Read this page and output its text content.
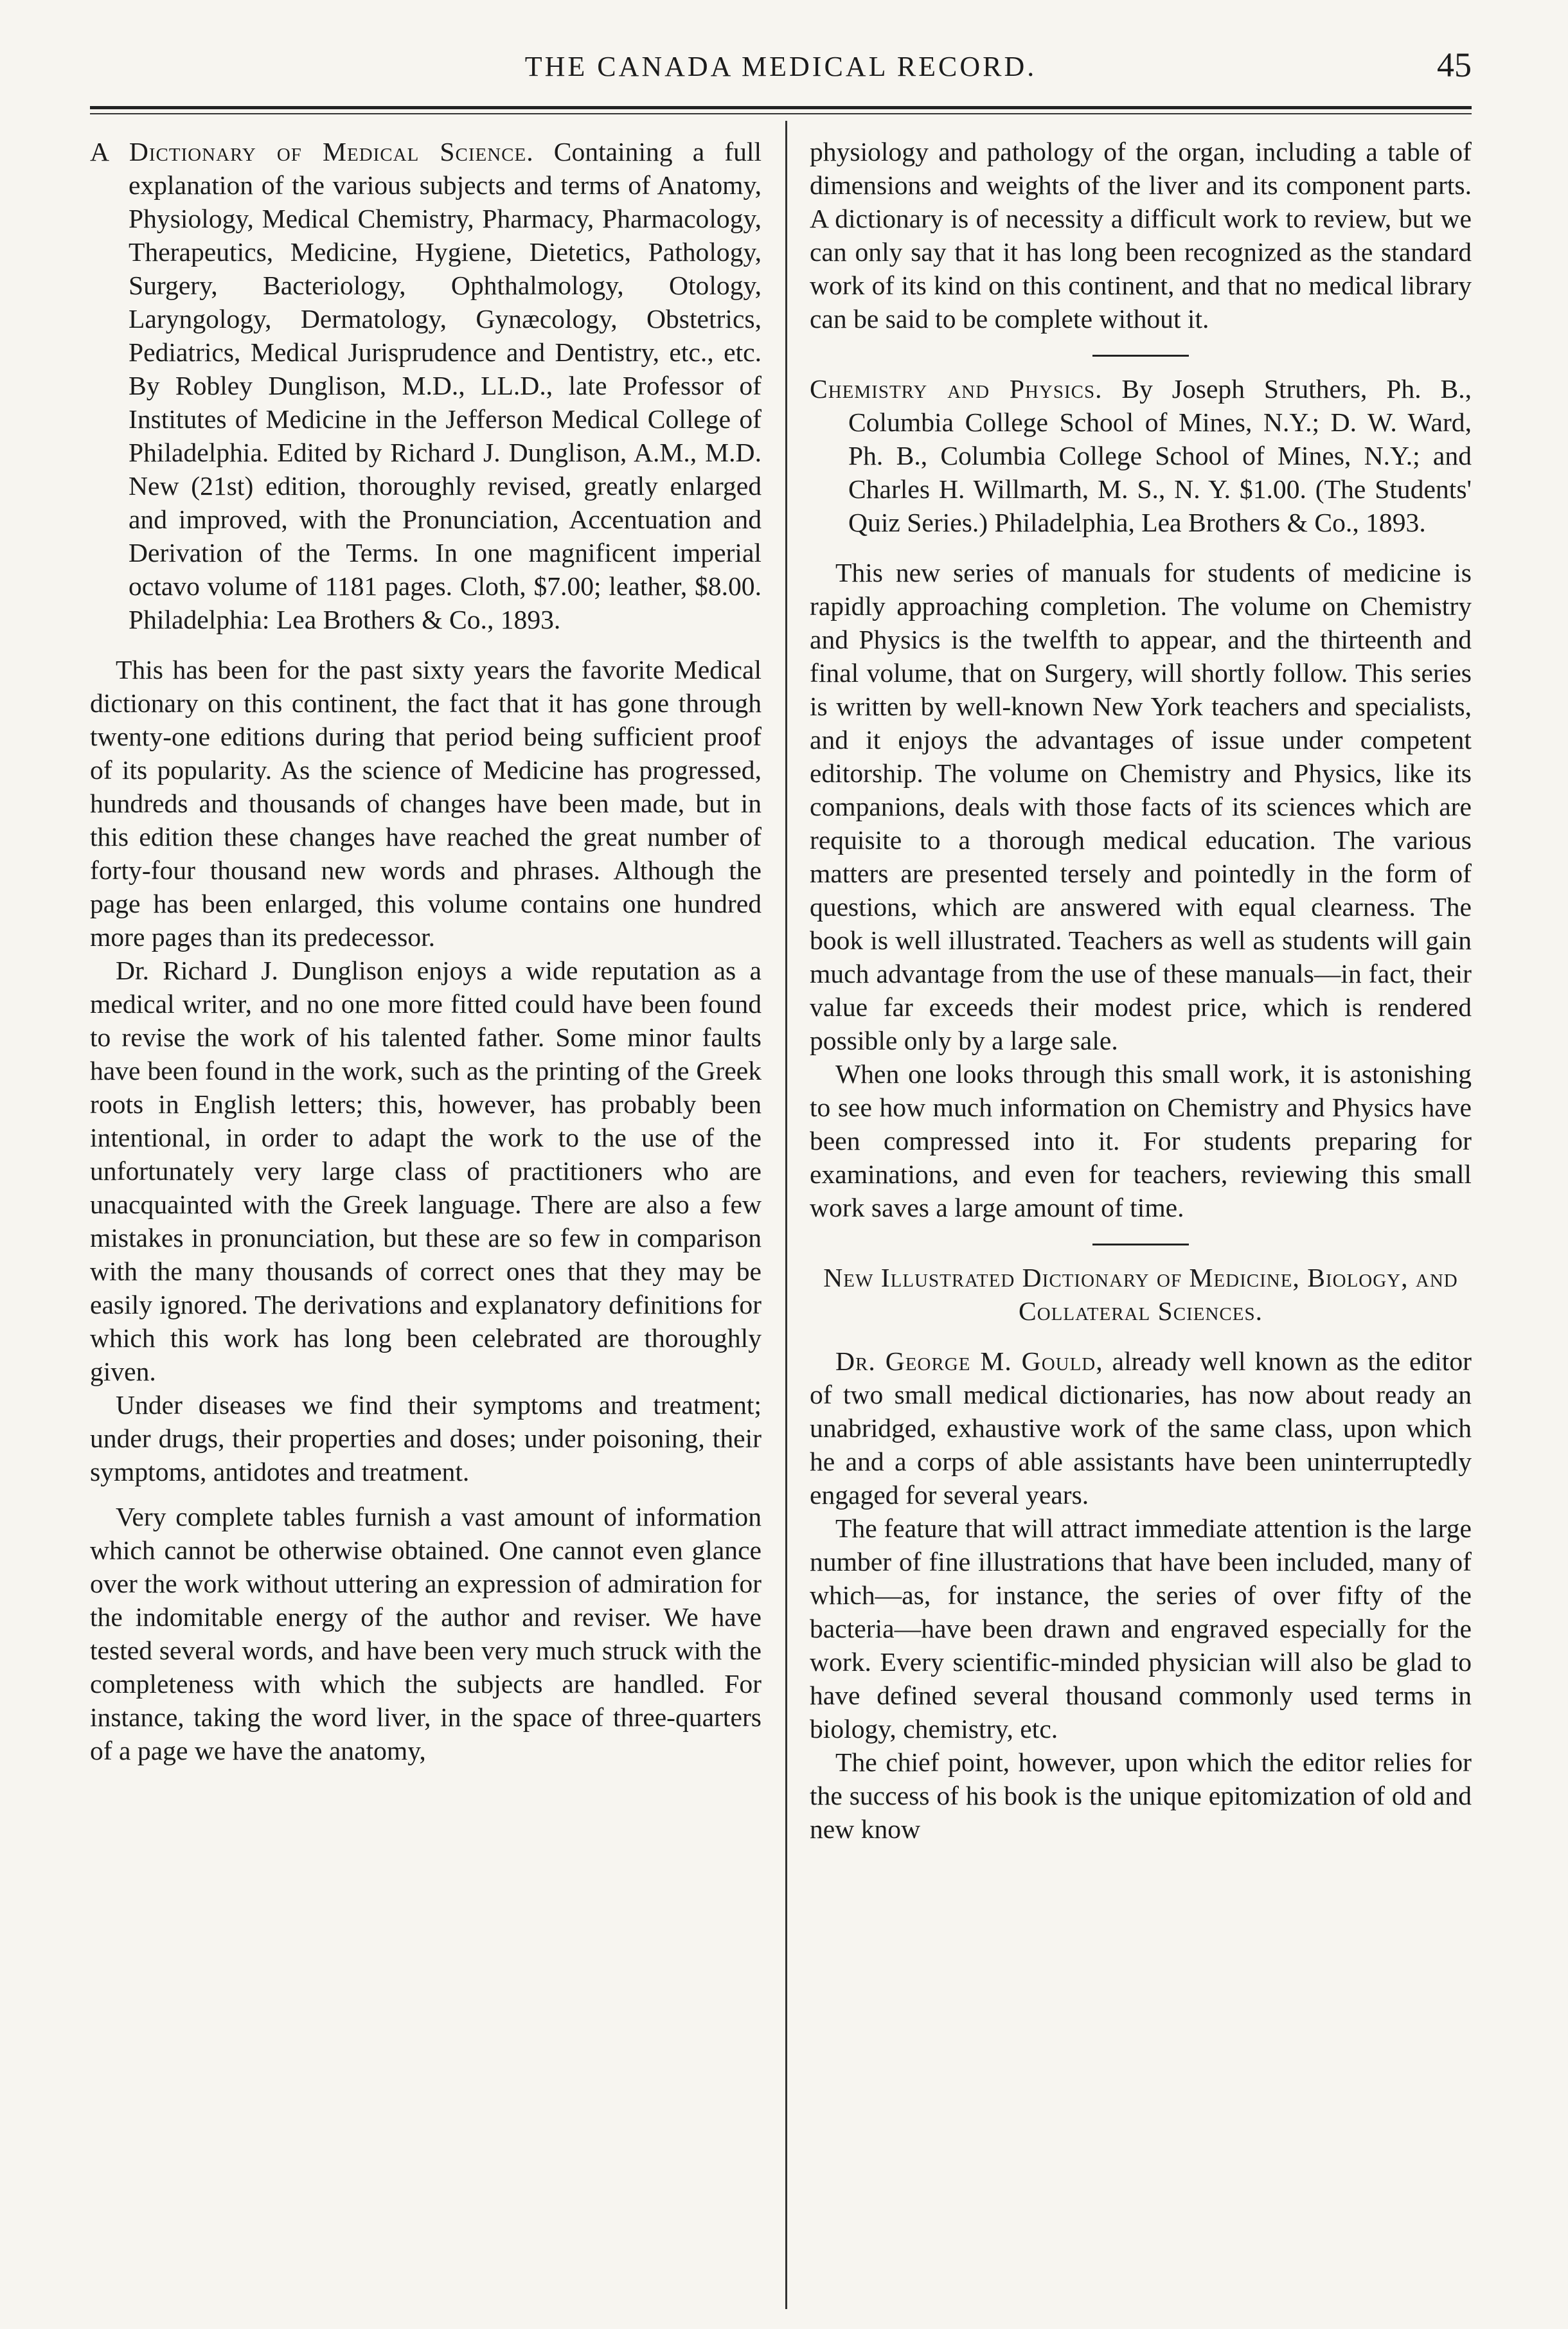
THE CANADA MEDICAL RECORD.	45

A Dictionary of Medical Science. Containing a full explanation of the various subjects and terms of Anatomy, Physiology, Medical Chemistry, Pharmacy, Pharmacology, Therapeutics, Medicine, Hygiene, Dietetics, Pathology, Surgery, Bacteriology, Ophthalmology, Otology, Laryngology, Dermatology, Gynæcology, Obstetrics, Pediatrics, Medical Jurisprudence and Dentistry, etc., etc. By Robley Dunglison, M.D., LL.D., late Professor of Institutes of Medicine in the Jefferson Medical College of Philadelphia. Edited by Richard J. Dunglison, A.M., M.D. New (21st) edition, thoroughly revised, greatly enlarged and improved, with the Pronunciation, Accentuation and Derivation of the Terms. In one magnificent imperial octavo volume of 1181 pages. Cloth, $7.00; leather, $8.00. Philadelphia: Lea Brothers & Co., 1893.

This has been for the past sixty years the favorite Medical dictionary on this continent, the fact that it has gone through twenty-one editions during that period being sufficient proof of its popularity. As the science of Medicine has progressed, hundreds and thousands of changes have been made, but in this edition these changes have reached the great number of forty-four thousand new words and phrases. Although the page has been enlarged, this volume contains one hundred more pages than its predecessor.

Dr. Richard J. Dunglison enjoys a wide reputation as a medical writer, and no one more fitted could have been found to revise the work of his talented father. Some minor faults have been found in the work, such as the printing of the Greek roots in English letters; this, however, has probably been intentional, in order to adapt the work to the use of the unfortunately very large class of practitioners who are unacquainted with the Greek language. There are also a few mistakes in pronunciation, but these are so few in comparison with the many thousands of correct ones that they may be easily ignored. The derivations and explanatory definitions for which this work has long been celebrated are thoroughly given.

Under diseases we find their symptoms and treatment; under drugs, their properties and doses; under poisoning, their symptoms, antidotes and treatment.

Very complete tables furnish a vast amount of information which cannot be otherwise obtained. One cannot even glance over the work without uttering an expression of admiration for the indomitable energy of the author and reviser. We have tested several words, and have been very much struck with the completeness with which the subjects are handled. For instance, taking the word liver, in the space of three-quarters of a page we have the anatomy,

physiology and pathology of the organ, including a table of dimensions and weights of the liver and its component parts. A dictionary is of necessity a difficult work to review, but we can only say that it has long been recognized as the standard work of its kind on this continent, and that no medical library can be said to be complete without it.

Chemistry and Physics. By Joseph Struthers, Ph. B., Columbia College School of Mines, N.Y.; D. W. Ward, Ph. B., Columbia College School of Mines, N.Y.; and Charles H. Willmarth, M. S., N. Y. $1.00. (The Students' Quiz Series.) Philadelphia, Lea Brothers & Co., 1893.

This new series of manuals for students of medicine is rapidly approaching completion. The volume on Chemistry and Physics is the twelfth to appear, and the thirteenth and final volume, that on Surgery, will shortly follow. This series is written by well-known New York teachers and specialists, and it enjoys the advantages of issue under competent editorship. The volume on Chemistry and Physics, like its companions, deals with those facts of its sciences which are requisite to a thorough medical education. The various matters are presented tersely and pointedly in the form of questions, which are answered with equal clearness. The book is well illustrated. Teachers as well as students will gain much advantage from the use of these manuals—in fact, their value far exceeds their modest price, which is rendered possible only by a large sale.

When one looks through this small work, it is astonishing to see how much information on Chemistry and Physics have been compressed into it. For students preparing for examinations, and even for teachers, reviewing this small work saves a large amount of time.

New Illustrated Dictionary of Medicine, Biology, and Collateral Sciences.

Dr. George M. Gould, already well known as the editor of two small medical dictionaries, has now about ready an unabridged, exhaustive work of the same class, upon which he and a corps of able assistants have been uninterruptedly engaged for several years.

The feature that will attract immediate attention is the large number of fine illustrations that have been included, many of which—as, for instance, the series of over fifty of the bacteria—have been drawn and engraved especially for the work. Every scientific-minded physician will also be glad to have defined several thousand commonly used terms in biology, chemistry, etc.

The chief point, however, upon which the editor relies for the success of his book is the unique epitomization of old and new know
